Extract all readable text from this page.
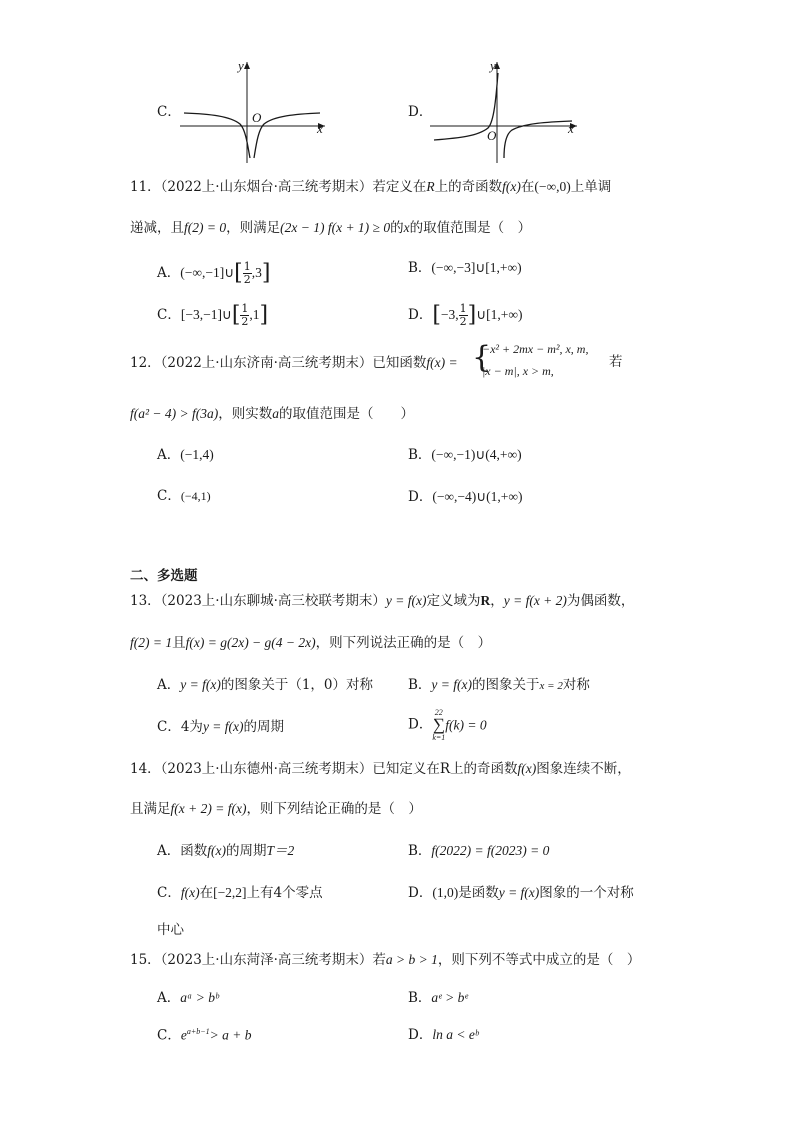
C．
y
x
O	D．
y
x
O
11．（2022上·山东烟台·高三统考期末）若定义在R上的奇函数f(x)在(−∞,0)上单调
递减，且f(2) = 0，则满足(2x − 1) f(x + 1) ≥ 0的x的取值范围是（　）
A．(−∞,−1]∪[ $\frac{1}{2} ,3$]	B．(−∞,−3]∪[1,+∞)
C．[−3,−1]∪[ $\frac{1}{2} ,1$]	D．[−3, $\frac{1}{2}$ ]∪[1,+∞)
12．（2022上·山东济南·高三统考期末）已知函数f(x) = {
−x² + 2mx − m², x, m,
|x − m|, x > m,
若
f(a² − 4) > f(3a)，则实数a的取值范围是（　　）
A．(−1,4)	B．(−∞,−1)∪(4,+∞)
C．(−4,1)	D．(−∞,−4)∪(1,+∞)
二、多选题
13．（2023上·山东聊城·高三校联考期末）y = f(x)定义域为R，y = f(x + 2)为偶函数，
f(2) = 1且f(x) = g(2x) − g(4 − 2x)，则下列说法正确的是（　）
A．y = f(x)的图象关于（1，0）对称	B．y = f(x)的图象关于x = 2对称
C．4为y = f(x)的周期	D．
22
∑
k=1
f(k) = 0
14．（2023上·山东德州·高三统考期末）已知定义在R上的奇函数f(x)图象连续不断，
且满足f(x + 2) = f(x)，则下列结论正确的是（　）
A．函数f(x)的周期T＝2	B．f(2022) = f(2023) = 0
C．f(x)在[−2,2]上有4个零点	D．(1,0)是函数y = f(x)图象的一个对称
中心
15．（2023上·山东菏泽·高三统考期末）若a > b > 1，则下列不等式中成立的是（　）
A．aᵃ > bᵇ	B．aᵉ > bᵉ
C．$e^{a+b-1}> a + b$	D．ln a < eᵇ
